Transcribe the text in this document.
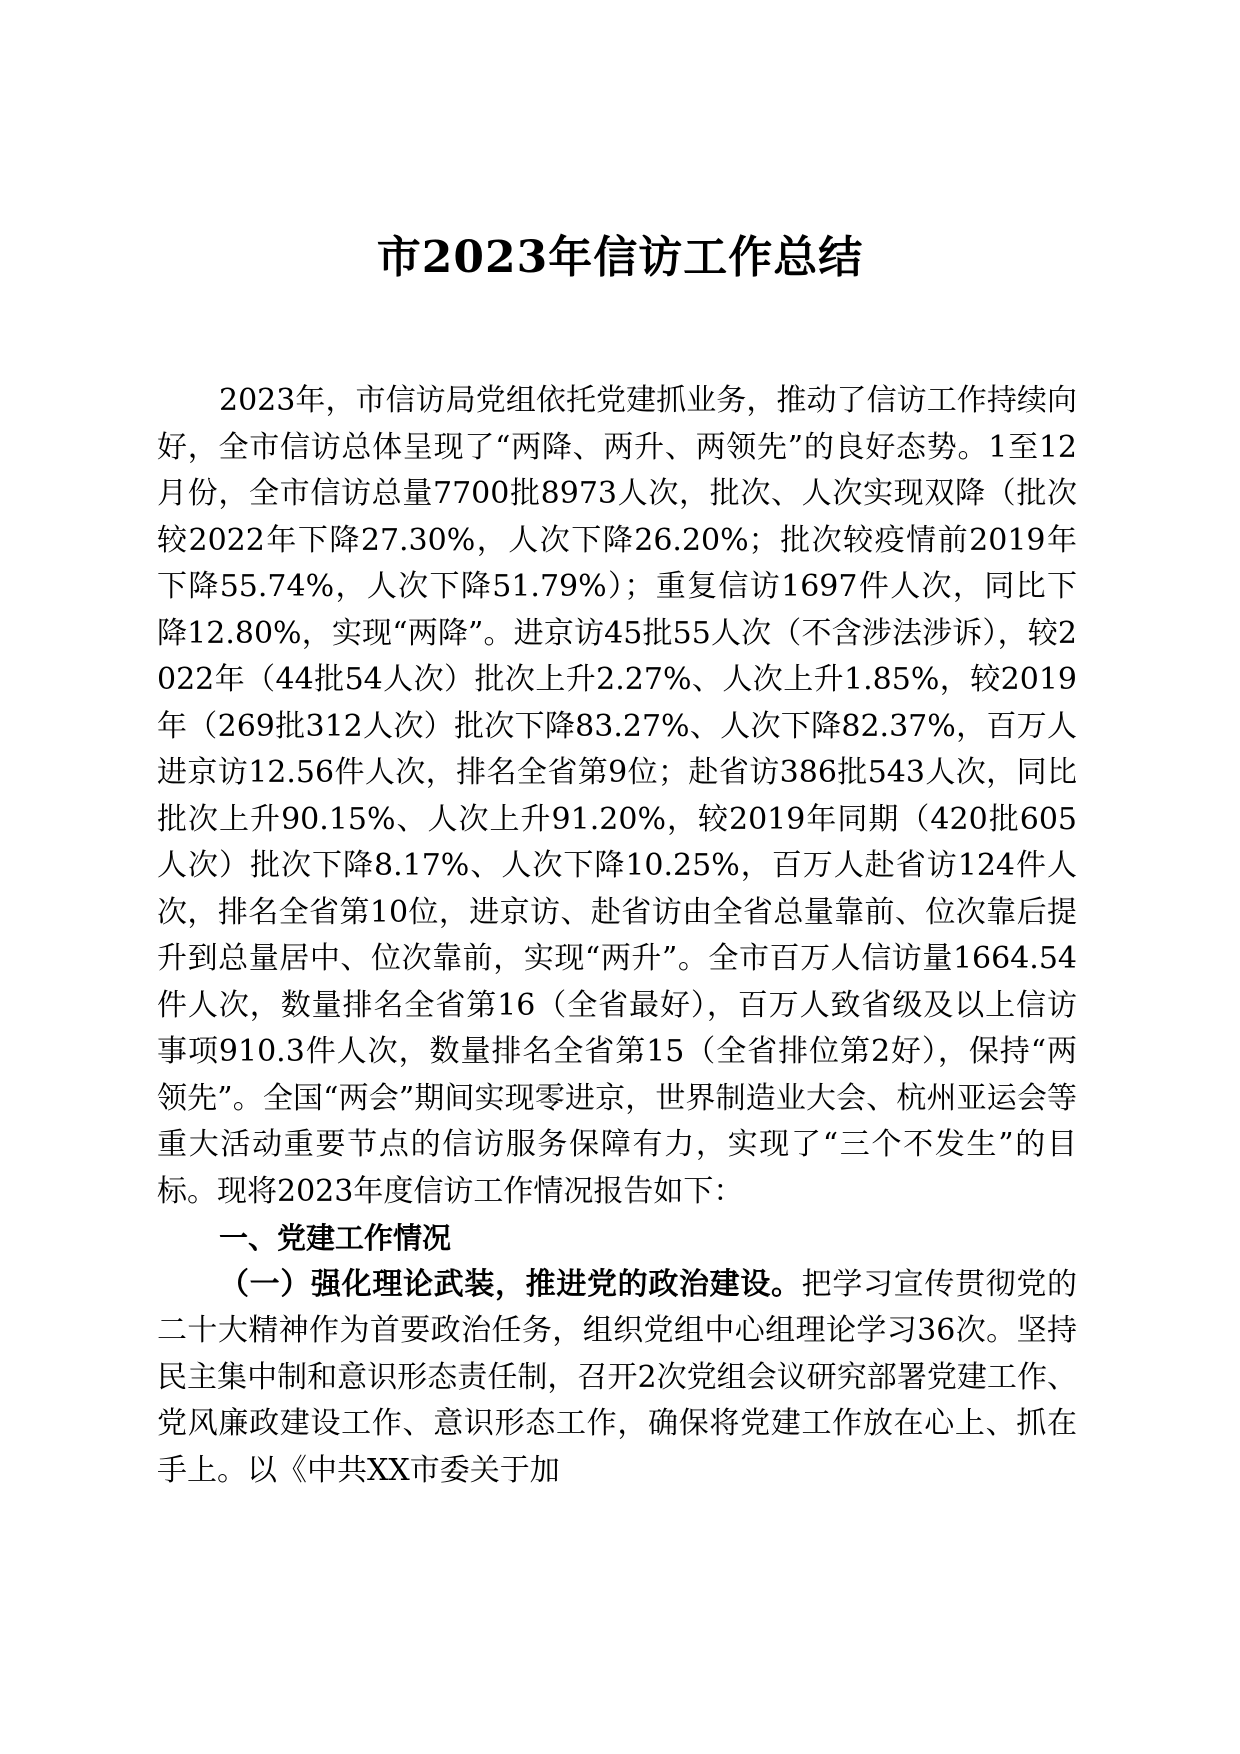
市2023年信访工作总结

2023年，市信访局党组依托党建抓业务，推动了信访工作持续向好，全市信访总体呈现了“两降、两升、两领先”的良好态势。1至12月份，全市信访总量7700批8973人次，批次、人次实现双降（批次较2022年下降27.30%，人次下降26.20%；批次较疫情前2019年下降55.74%，人次下降51.79%）；重复信访1697件人次，同比下降12.80%，实现“两降”。进京访45批55人次（不含涉法涉诉），较2022年（44批54人次）批次上升2.27%、人次上升1.85%，较2019年（269批312人次）批次下降83.27%、人次下降82.37%，百万人进京访12.56件人次，排名全省第9位；赴省访386批543人次，同比批次上升90.15%、人次上升91.20%，较2019年同期（420批605人次）批次下降8.17%、人次下降10.25%，百万人赴省访124件人次，排名全省第10位，进京访、赴省访由全省总量靠前、位次靠后提升到总量居中、位次靠前，实现“两升”。全市百万人信访量1664.54件人次，数量排名全省第16（全省最好），百万人致省级及以上信访事项910.3件人次，数量排名全省第15（全省排位第2好），保持“两领先”。全国“两会”期间实现零进京，世界制造业大会、杭州亚运会等重大活动重要节点的信访服务保障有力，实现了“三个不发生”的目标。现将2023年度信访工作情况报告如下：

一、党建工作情况

（一）强化理论武装，推进党的政治建设。把学习宣传贯彻党的二十大精神作为首要政治任务，组织党组中心组理论学习36次。坚持民主集中制和意识形态责任制，召开2次党组会议研究部署党建工作、党风廉政建设工作、意识形态工作，确保将党建工作放在心上、抓在手上。以《中共XX市委关于加
